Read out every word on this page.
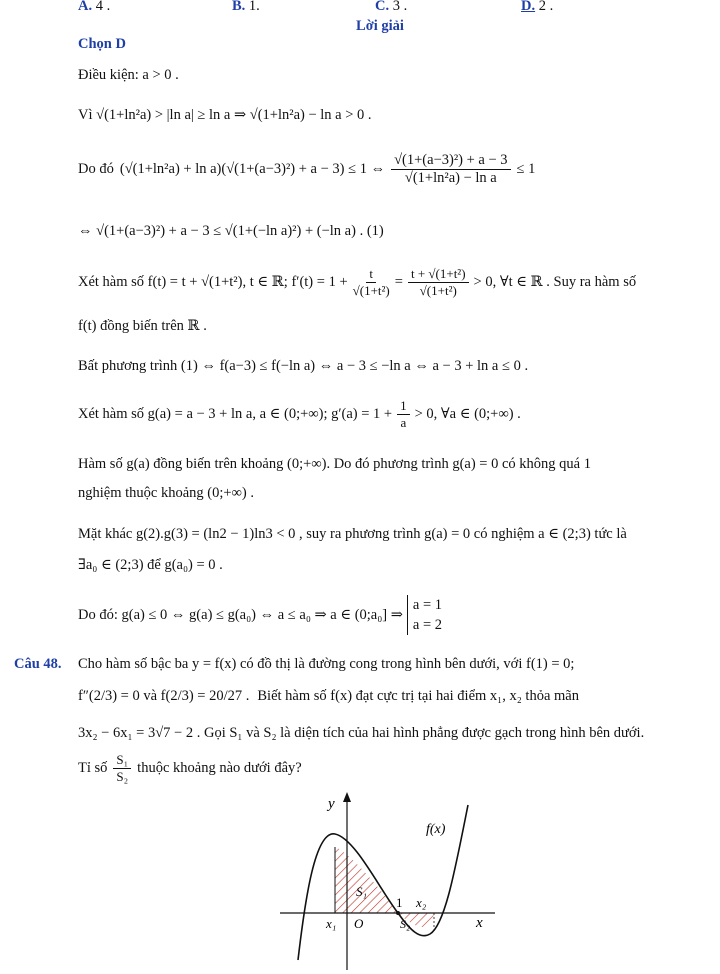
A. 4 .	B. 1.	C. 3 .	D. 2 .
Lời giải
Chọn D
Điều kiện: a > 0 .
Vì √(1+ln²a) > |ln a| ≥ ln a ⇒ √(1+ln²a) − ln a > 0 .
Do đó (√(1+ln²a) + ln a)(√(1+(a−3)²) + a − 3) ≤ 1 ⇔ $\frac{\text{√(1+(a−3)²) + a − 3}}{\text{√(1+ln²a) − ln a}} \le 1$
⇔ √(1+(a−3)²) + a − 3 ≤ √(1+(−ln a)²) + (−ln a) . (1)
Xét hàm số f(t) = t + √(1+t²), t ∈ ℝ; $f'(t) = 1 + \frac{t}{\text{√(1+t²)}} = \frac{\text{t + √(1+t²)}}{\text{√(1+t²)}} > 0$, ∀t ∈ ℝ . Suy ra hàm số
f(t) đồng biến trên ℝ .
Bất phương trình (1) ⇔ f(a−3) ≤ f(−ln a) ⇔ a − 3 ≤ −ln a ⇔ a − 3 + ln a ≤ 0 .
Xét hàm số g(a) = a − 3 + ln a, a ∈ (0;+∞); $g'(a) = 1 + \frac{1}{a} > 0$, ∀a ∈ (0;+∞) .
Hàm số g(a) đồng biến trên khoảng (0;+∞). Do đó phương trình g(a) = 0 có không quá 1
nghiệm thuộc khoảng (0;+∞) .
Mặt khác g(2).g(3) = (ln2 − 1)ln3 < 0 , suy ra phương trình g(a) = 0 có nghiệm a ∈ (2;3) tức là
∃a₀ ∈ (2;3) để g(a₀) = 0 .
Do đó: g(a) ≤ 0 ⇔ g(a) ≤ g(a₀) ⇔ a ≤ a₀ ⇒ a ∈ (0;a₀] ⇒
a = 1
a = 2
Câu 48. Cho hàm số bậc ba y = f(x) có đồ thị là đường cong trong hình bên dưới, với f(1) = 0;
f″(2/3) = 0 và f(2/3) = 20/27 . Biết hàm số f(x) đạt cực trị tại hai điểm x₁, x₂ thỏa mãn
3x₂ − 6x₁ = 3√7 − 2 . Gọi S₁ và S₂ là diện tích của hai hình phẳng được gạch trong hình bên dưới.
Tỉ số $\frac{\text{S₁}}{\text{S₂}}$ thuộc khoảng nào dưới đây?
y
x
f(x)
S₁
S₂
1 x₂
x₁ O
